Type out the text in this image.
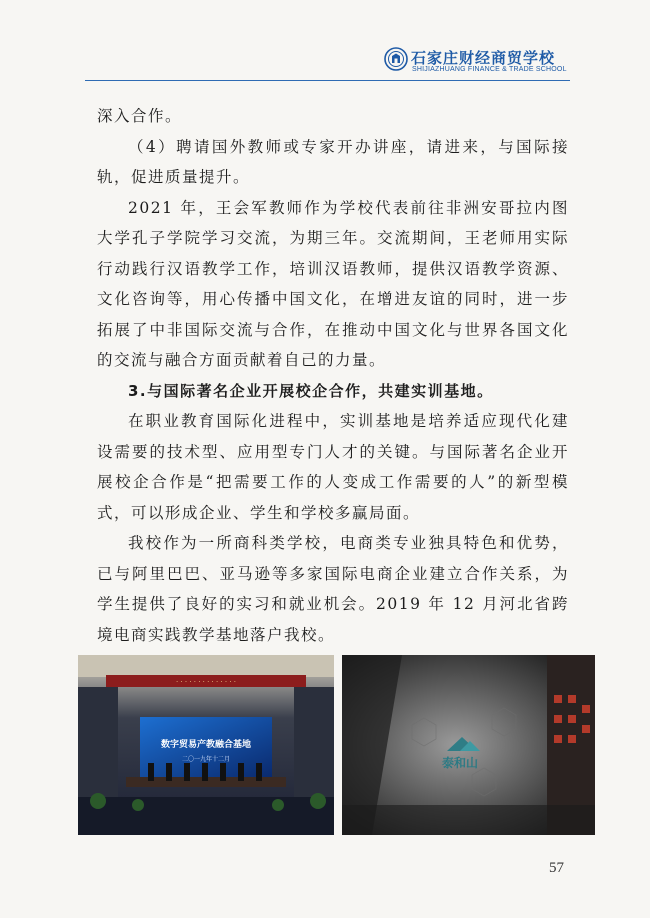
石家庄财经商贸学校
SHIJIAZHUANG FINANCE & TRADE SCHOOL

深入合作。

（4）聘请国外教师或专家开办讲座，请进来，与国际接轨，促进质量提升。

2021 年，王会军教师作为学校代表前往非洲安哥拉内图大学孔子学院学习交流，为期三年。交流期间，王老师用实际行动践行汉语教学工作，培训汉语教师，提供汉语教学资源、文化咨询等，用心传播中国文化，在增进友谊的同时，进一步拓展了中非国际交流与合作，在推动中国文化与世界各国文化的交流与融合方面贡献着自己的力量。

3.与国际著名企业开展校企合作，共建实训基地。

在职业教育国际化进程中，实训基地是培养适应现代化建设需要的技术型、应用型专门人才的关键。与国际著名企业开展校企合作是“把需要工作的人变成工作需要的人”的新型模式，可以形成企业、学生和学校多赢局面。

我校作为一所商科类学校，电商类专业独具特色和优势，已与阿里巴巴、亚马逊等多家国际电商企业建立合作关系，为学生提供了良好的实习和就业机会。2019 年 12 月河北省跨境电商实践教学基地落户我校。

· · · · · · · · · · · · · ·
数字贸易产教融合基地
二〇一九年十二月	泰和山
57
